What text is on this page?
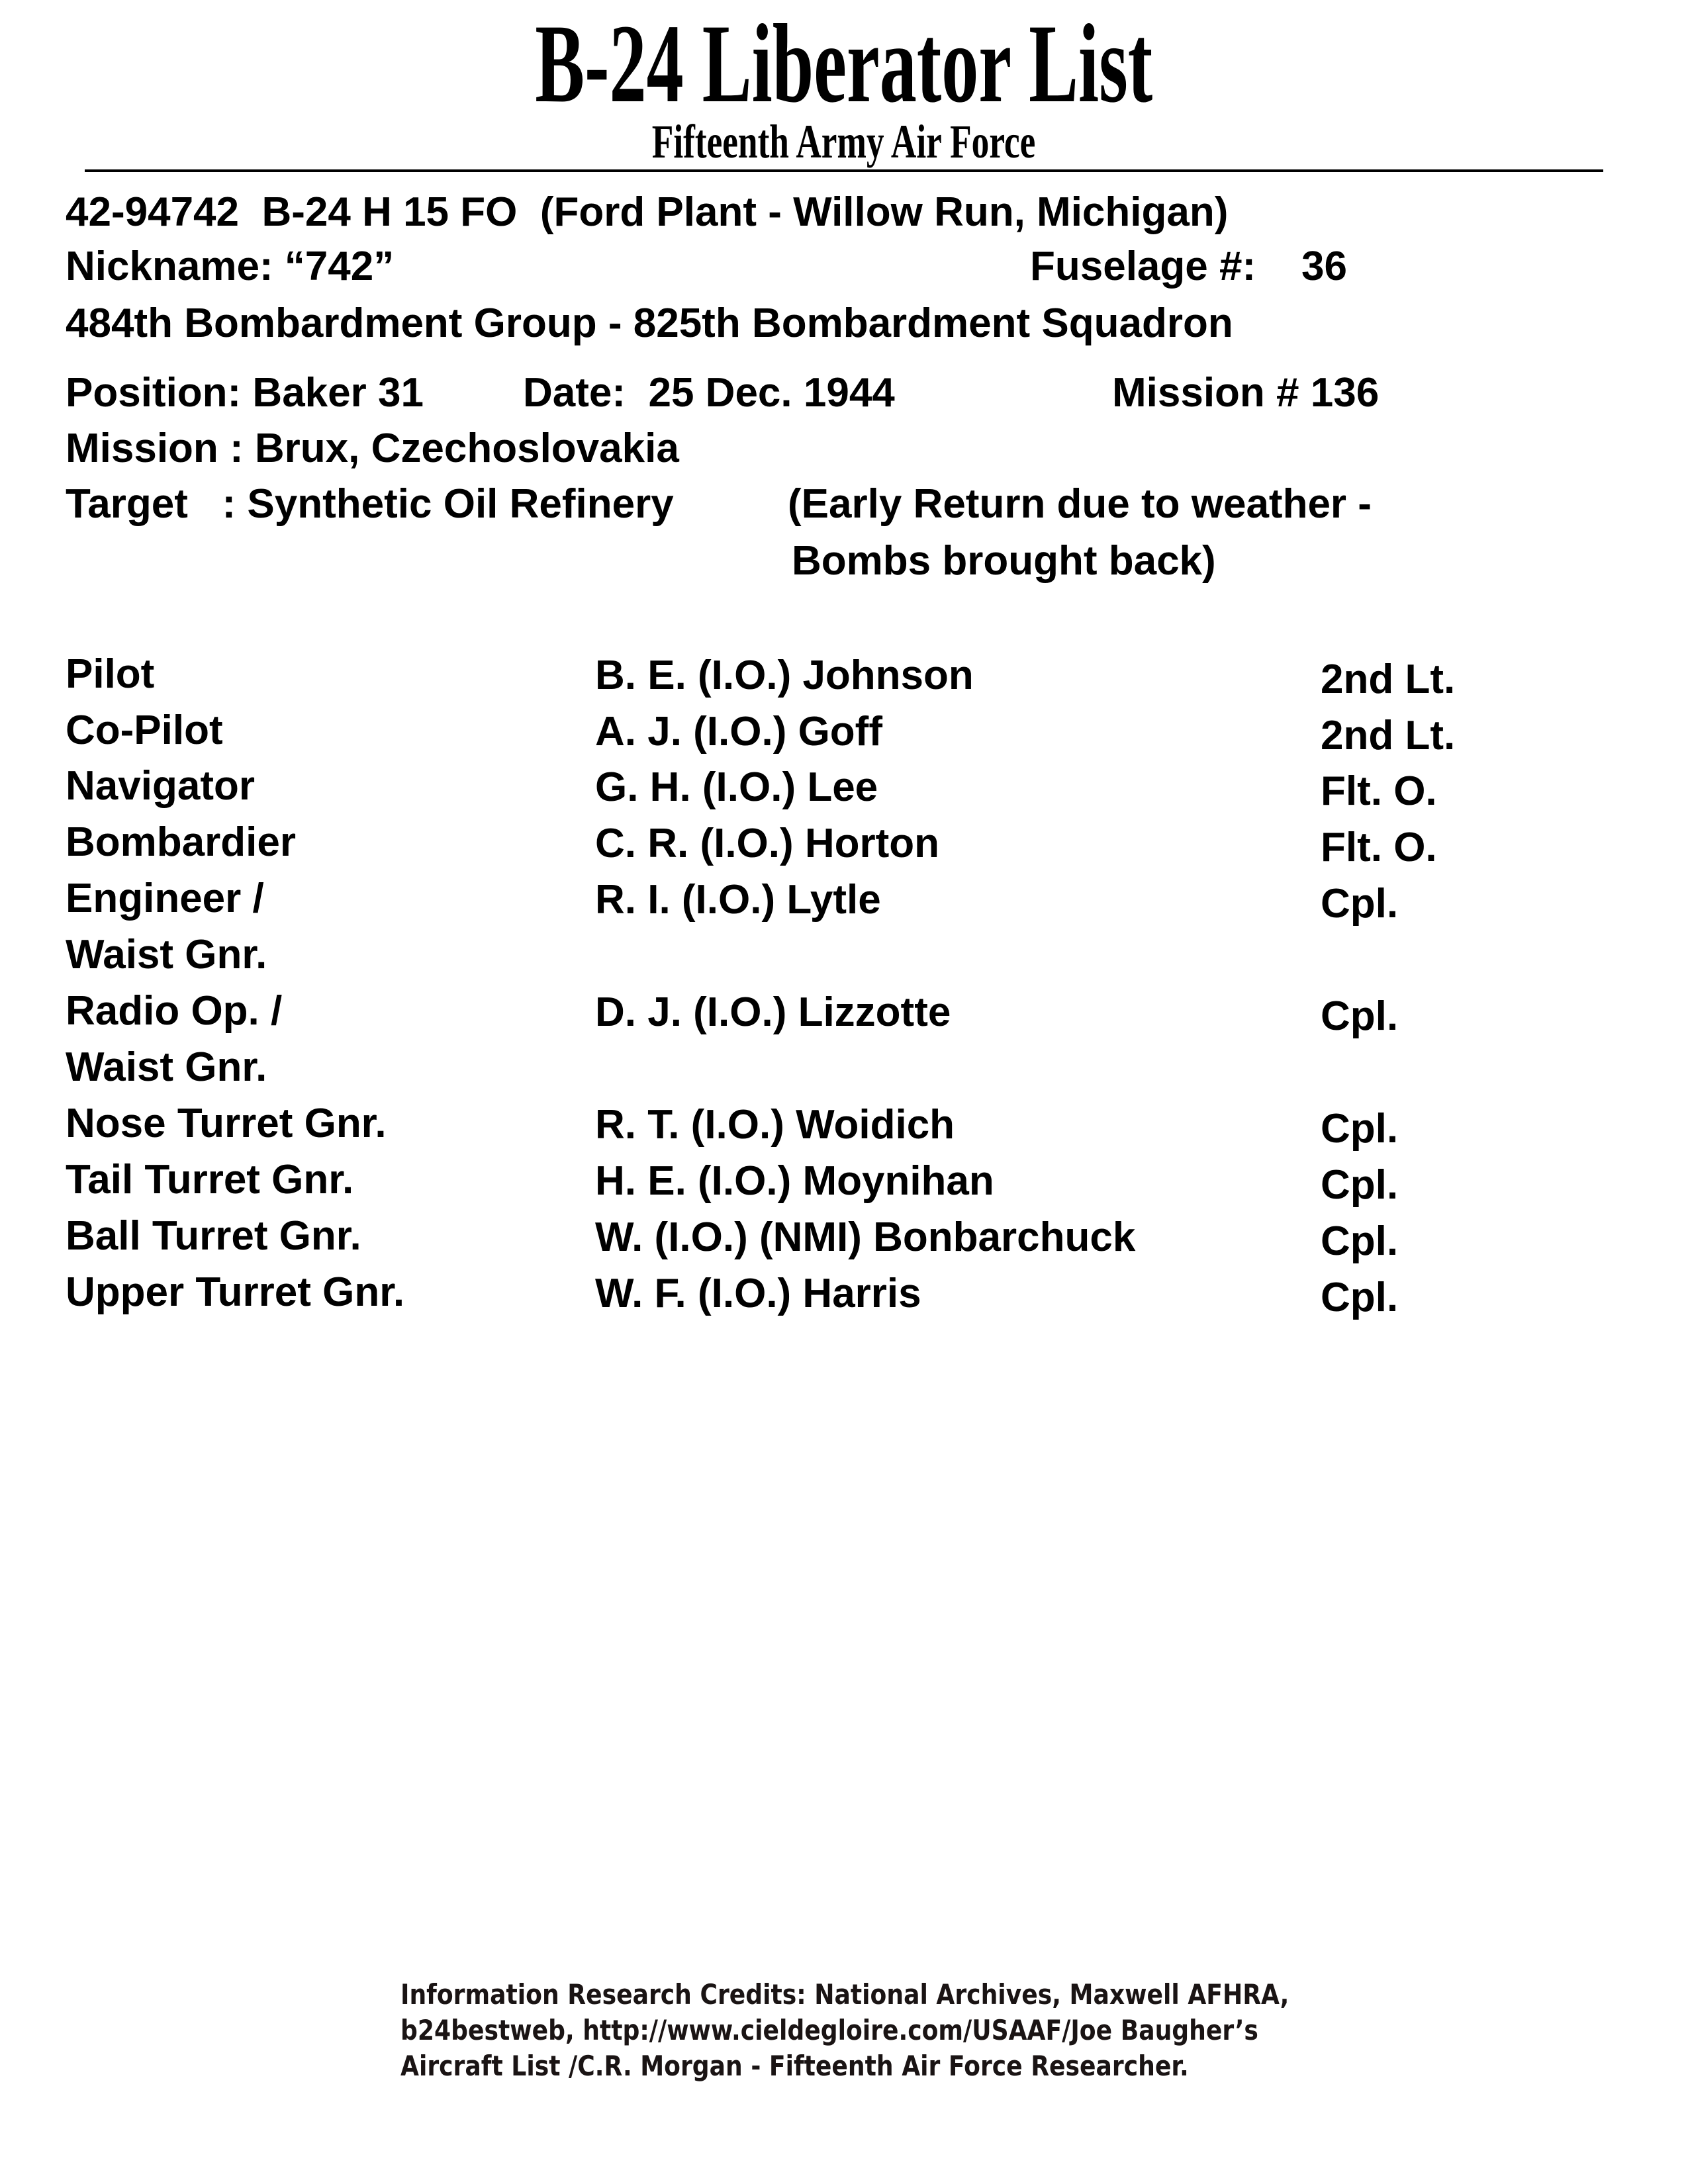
B-24 Liberator List
Fifteenth Army Air Force
42-94742  B-24 H 15 FO  (Ford Plant - Willow Run, Michigan)
Nickname: “742”	Fuselage #:    36
484th Bombardment Group - 825th Bombardment Squadron
Position: Baker 31 Date:  25 Dec. 1944	Mission # 136
Mission : Brux, Czechoslovakia
Target   : Synthetic Oil Refinery	(Early Return due to weather -
Bombs brought back)
Pilot	B. E. (I.O.) Johnson	2nd Lt.
Co-Pilot	A. J. (I.O.) Goff	2nd Lt.
Navigator	G. H. (I.O.) Lee	Flt. O.
Bombardier	C. R. (I.O.) Horton	Flt. O.
Engineer /
Waist Gnr.
R. I. (I.O.) Lytle	Cpl.
Radio Op. /
Waist Gnr.
D. J. (I.O.) Lizzotte	Cpl.
Nose Turret Gnr.	R. T. (I.O.) Woidich	Cpl.
Tail Turret Gnr.	H. E. (I.O.) Moynihan	Cpl.
Ball Turret Gnr.	W. (I.O.) (NMI) Bonbarchuck	Cpl.
Upper Turret Gnr.	W. F. (I.O.) Harris	Cpl.
Information Research Credits: National Archives, Maxwell AFHRA,
b24bestweb, http://www.cieldegloire.com/USAAF/Joe Baugher’s
Aircraft List /C.R. Morgan - Fifteenth Air Force Researcher.
